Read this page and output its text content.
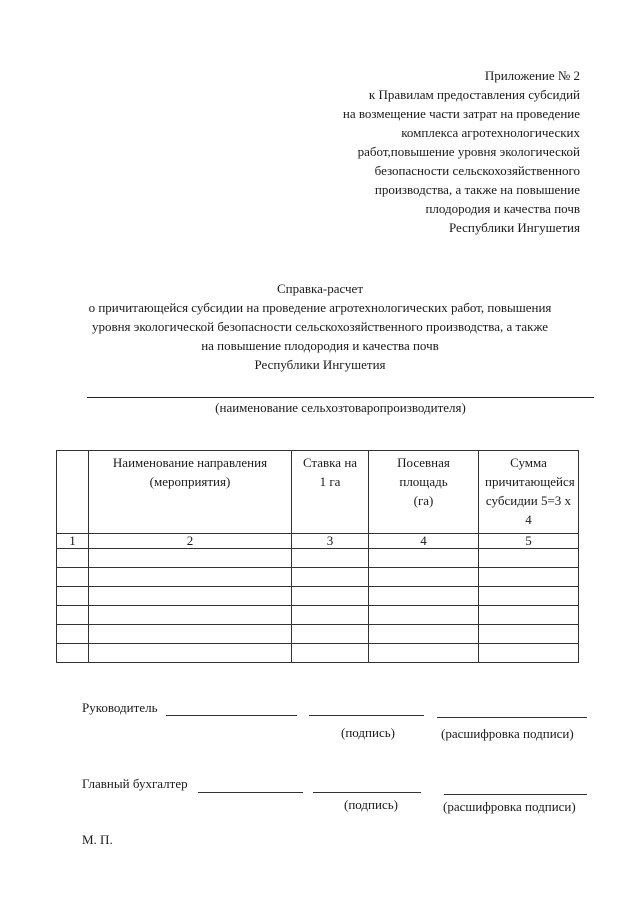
Приложение № 2
к Правилам предоставления субсидий
на возмещение части затрат на проведение
комплекса агротехнологических
работ,повышение уровня экологической
безопасности сельскохозяйственного
производства, а также на повышение
плодородия и качества почв
Республики Ингушетия
Справка-расчет
о причитающейся субсидии на проведение агротехнологических работ, повышения
уровня экологической безопасности сельскохозяйственного производства, а также
на повышение плодородия и качества почв
Республики Ингушетия
(наименование сельхозтоваропроизводителя)
	Наименование направления (мероприятия)	Ставка на 1 га	Посевная площадь (га)	Сумма причитающейся субсидии 5=3 х 4
1	2	3	4	5

Руководитель
(подпись)	(расшифровка подписи)
Главный бухгалтер
(подпись)	(расшифровка подписи)
М. П.
